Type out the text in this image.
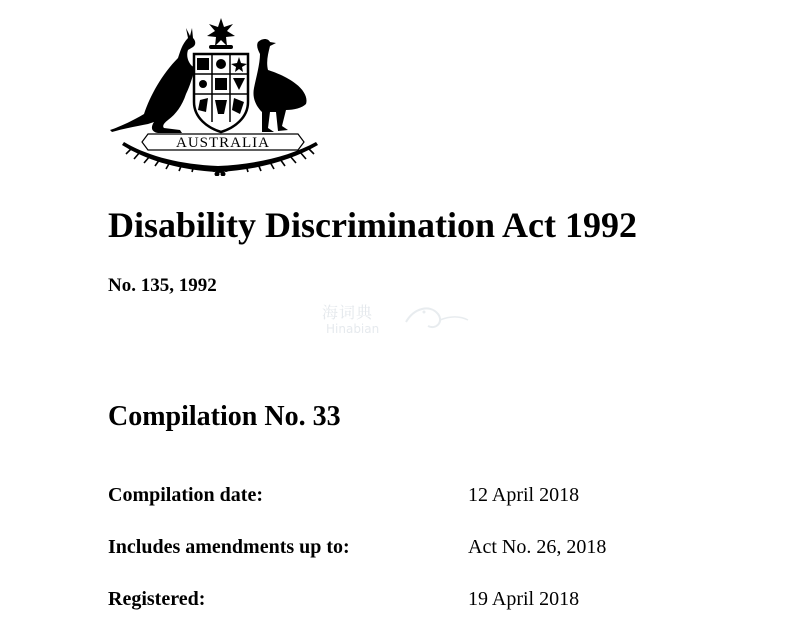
AUSTRALIA
海词典
Hinabian
Disability Discrimination Act 1992

No. 135, 1992

Compilation No. 33
Compilation date:	12 April 2018
Includes amendments up to:	Act No. 26, 2018
Registered:	19 April 2018
